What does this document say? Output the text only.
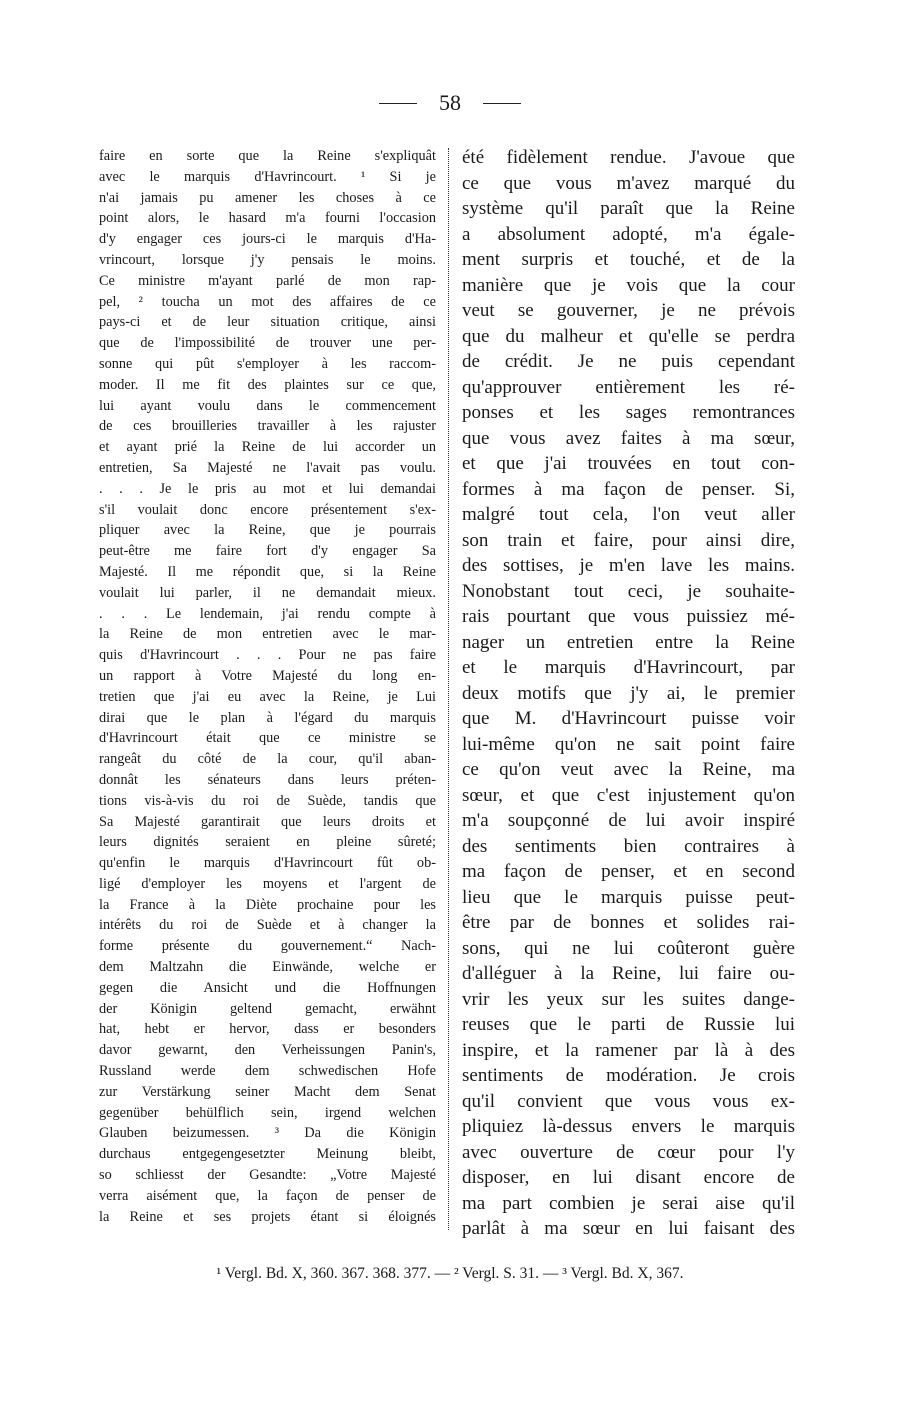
58
faire en sorte que la Reine s'expliquât
avec le marquis d'Havrincourt. ¹ Si je
n'ai jamais pu amener les choses à ce
point alors, le hasard m'a fourni l'occasion
d'y engager ces jours-ci le marquis d'Ha-
vrincourt, lorsque j'y pensais le moins.
Ce ministre m'ayant parlé de mon rap-
pel, ² toucha un mot des affaires de ce
pays-ci et de leur situation critique, ainsi
que de l'impossibilité de trouver une per-
sonne qui pût s'employer à les raccom-
moder. Il me fit des plaintes sur ce que,
lui ayant voulu dans le commencement
de ces brouilleries travailler à les rajuster
et ayant prié la Reine de lui accorder un
entretien, Sa Majesté ne l'avait pas voulu.
. . . Je le pris au mot et lui demandai
s'il voulait donc encore présentement s'ex-
pliquer avec la Reine, que je pourrais
peut-être me faire fort d'y engager Sa
Majesté. Il me répondit que, si la Reine
voulait lui parler, il ne demandait mieux.
. . . Le lendemain, j'ai rendu compte à
la Reine de mon entretien avec le mar-
quis d'Havrincourt . . . Pour ne pas faire
un rapport à Votre Majesté du long en-
tretien que j'ai eu avec la Reine, je Lui
dirai que le plan à l'égard du marquis
d'Havrincourt était que ce ministre se
rangeât du côté de la cour, qu'il aban-
donnât les sénateurs dans leurs préten-
tions vis-à-vis du roi de Suède, tandis que
Sa Majesté garantirait que leurs droits et
leurs dignités seraient en pleine sûreté;
qu'enfin le marquis d'Havrincourt fût ob-
ligé d'employer les moyens et l'argent de
la France à la Diète prochaine pour les
intérêts du roi de Suède et à changer la
forme présente du gouvernement.“ Nach-
dem Maltzahn die Einwände, welche er
gegen die Ansicht und die Hoffnungen
der Königin geltend gemacht, erwähnt
hat, hebt er hervor, dass er besonders
davor gewarnt, den Verheissungen Panin's,
Russland werde dem schwedischen Hofe
zur Verstärkung seiner Macht dem Senat
gegenüber behülflich sein, irgend welchen
Glauben beizumessen. ³ Da die Königin
durchaus entgegengesetzter Meinung bleibt,
so schliesst der Gesandte: „Votre Majesté
verra aisément que, la façon de penser de
la Reine et ses projets étant si éloignés
été fidèlement rendue. J'avoue que
ce que vous m'avez marqué du
système qu'il paraît que la Reine
a absolument adopté, m'a égale-
ment surpris et touché, et de la
manière que je vois que la cour
veut se gouverner, je ne prévois
que du malheur et qu'elle se perdra
de crédit. Je ne puis cependant
qu'approuver entièrement les ré-
ponses et les sages remontrances
que vous avez faites à ma sœur,
et que j'ai trouvées en tout con-
formes à ma façon de penser. Si,
malgré tout cela, l'on veut aller
son train et faire, pour ainsi dire,
des sottises, je m'en lave les mains.
Nonobstant tout ceci, je souhaite-
rais pourtant que vous puissiez mé-
nager un entretien entre la Reine
et le marquis d'Havrincourt, par
deux motifs que j'y ai, le premier
que M. d'Havrincourt puisse voir
lui-même qu'on ne sait point faire
ce qu'on veut avec la Reine, ma
sœur, et que c'est injustement qu'on
m'a soupçonné de lui avoir inspiré
des sentiments bien contraires à
ma façon de penser, et en second
lieu que le marquis puisse peut-
être par de bonnes et solides rai-
sons, qui ne lui coûteront guère
d'alléguer à la Reine, lui faire ou-
vrir les yeux sur les suites dange-
reuses que le parti de Russie lui
inspire, et la ramener par là à des
sentiments de modération. Je crois
qu'il convient que vous vous ex-
pliquiez là-dessus envers le marquis
avec ouverture de cœur pour l'y
disposer, en lui disant encore de
ma part combien je serai aise qu'il
parlât à ma sœur en lui faisant des
¹ Vergl. Bd. X, 360. 367. 368. 377. — ² Vergl. S. 31. — ³ Vergl. Bd. X, 367.
